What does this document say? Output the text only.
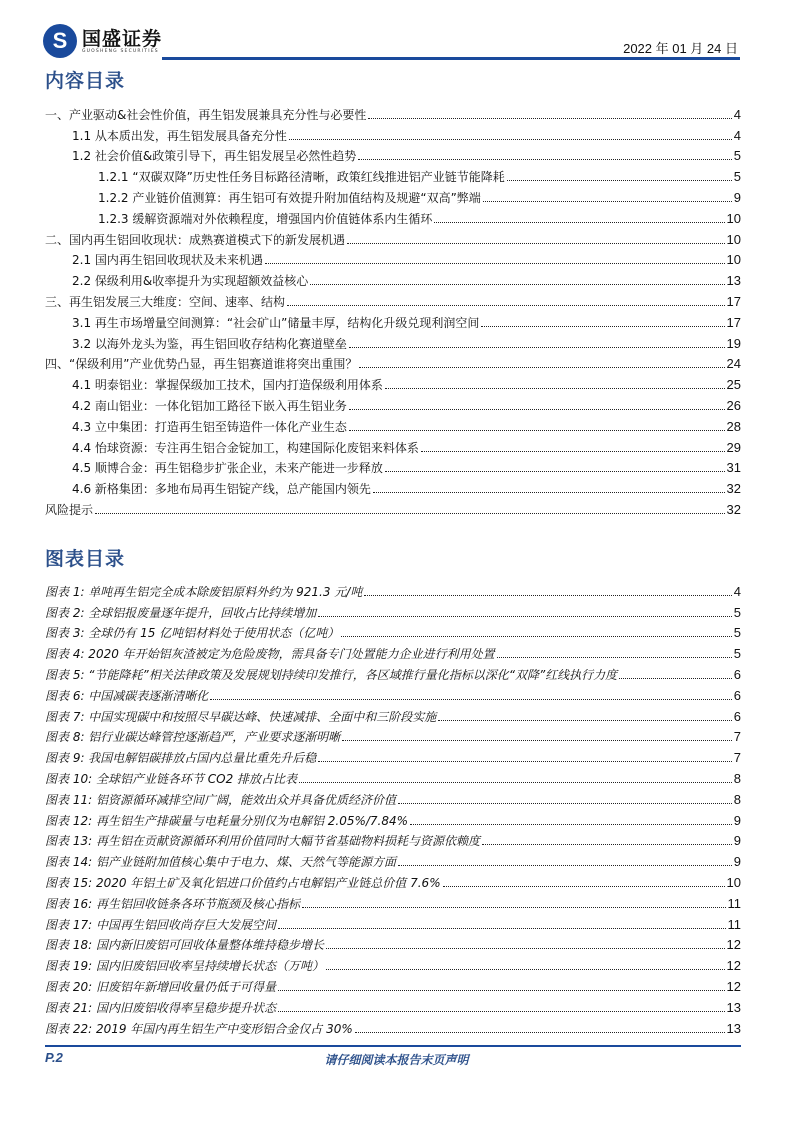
S 国盛证券
GUOSHENG SECURITIES	2022 年 01 月 24 日
内容目录
一、产业驱动&社会性价值，再生铝发展兼具充分性与必要性	4
1.1 从本质出发，再生铝发展具备充分性	4
1.2 社会价值&政策引导下，再生铝发展呈必然性趋势	5
1.2.1 “双碳双降”历史性任务目标路径清晰，政策红线推进铝产业链节能降耗	5
1.2.2 产业链价值测算：再生铝可有效提升附加值结构及规避“双高”弊端	9
1.2.3 缓解资源端对外依赖程度，增强国内价值链体系内生循环	10
二、国内再生铝回收现状：成熟赛道模式下的新发展机遇	10
2.1 国内再生铝回收现状及未来机遇	10
2.2 保级利用&收率提升为实现超额效益核心	13
三、再生铝发展三大维度：空间、速率、结构	17
3.1 再生市场增量空间测算：“社会矿山”储量丰厚，结构化升级兑现利润空间	17
3.2 以海外龙头为鉴，再生铝回收存结构化赛道壁垒	19
四、“保级利用”产业优势凸显，再生铝赛道谁将突出重围？	24
4.1 明泰铝业：掌握保级加工技术，国内打造保级利用体系	25
4.2 南山铝业：一体化铝加工路径下嵌入再生铝业务	26
4.3 立中集团：打造再生铝至铸造件一体化产业生态	28
4.4 怡球资源：专注再生铝合金锭加工，构建国际化废铝来料体系	29
4.5 顺博合金：再生铝稳步扩张企业，未来产能进一步释放	31
4.6 新格集团：多地布局再生铝锭产线，总产能国内领先	32
风险提示	32
图表目录
图表 1: 单吨再生铝完全成本除废铝原料外约为 921.3 元/吨	4
图表 2: 全球铝报废量逐年提升，回收占比持续增加	5
图表 3: 全球仍有 15 亿吨铝材料处于使用状态（亿吨）	5
图表 4: 2020 年开始铝灰渣被定为危险废物，需具备专门处置能力企业进行利用处置	5
图表 5: “节能降耗”相关法律政策及发展规划持续印发推行，各区域推行量化指标以深化“双降”红线执行力度	6
图表 6: 中国减碳表逐渐清晰化	6
图表 7: 中国实现碳中和按照尽早碳达峰、快速减排、全面中和三阶段实施	6
图表 8: 铝行业碳达峰管控逐渐趋严，产业要求逐渐明晰	7
图表 9: 我国电解铝碳排放占国内总量比重先升后稳	7
图表 10: 全球铝产业链各环节 CO2 排放占比表	8
图表 11: 铝资源循环减排空间广阔，能效出众并具备优质经济价值	8
图表 12: 再生铝生产排碳量与电耗量分别仅为电解铝 2.05%/7.84%	9
图表 13: 再生铝在贡献资源循环利用价值同时大幅节省基础物料损耗与资源依赖度	9
图表 14: 铝产业链附加值核心集中于电力、煤、天然气等能源方面	9
图表 15: 2020 年铝土矿及氧化铝进口价值约占电解铝产业链总价值 7.6%	10
图表 16: 再生铝回收链条各环节瓶颈及核心指标	11
图表 17: 中国再生铝回收尚存巨大发展空间	11
图表 18: 国内新旧废铝可回收体量整体维持稳步增长	12
图表 19: 国内旧废铝回收率呈持续增长状态（万吨）	12
图表 20: 旧废铝年新增回收量仍低于可得量	12
图表 21: 国内旧废铝收得率呈稳步提升状态	13
图表 22: 2019 年国内再生铝生产中变形铝合金仅占 30%	13
P.2	请仔细阅读本报告末页声明
